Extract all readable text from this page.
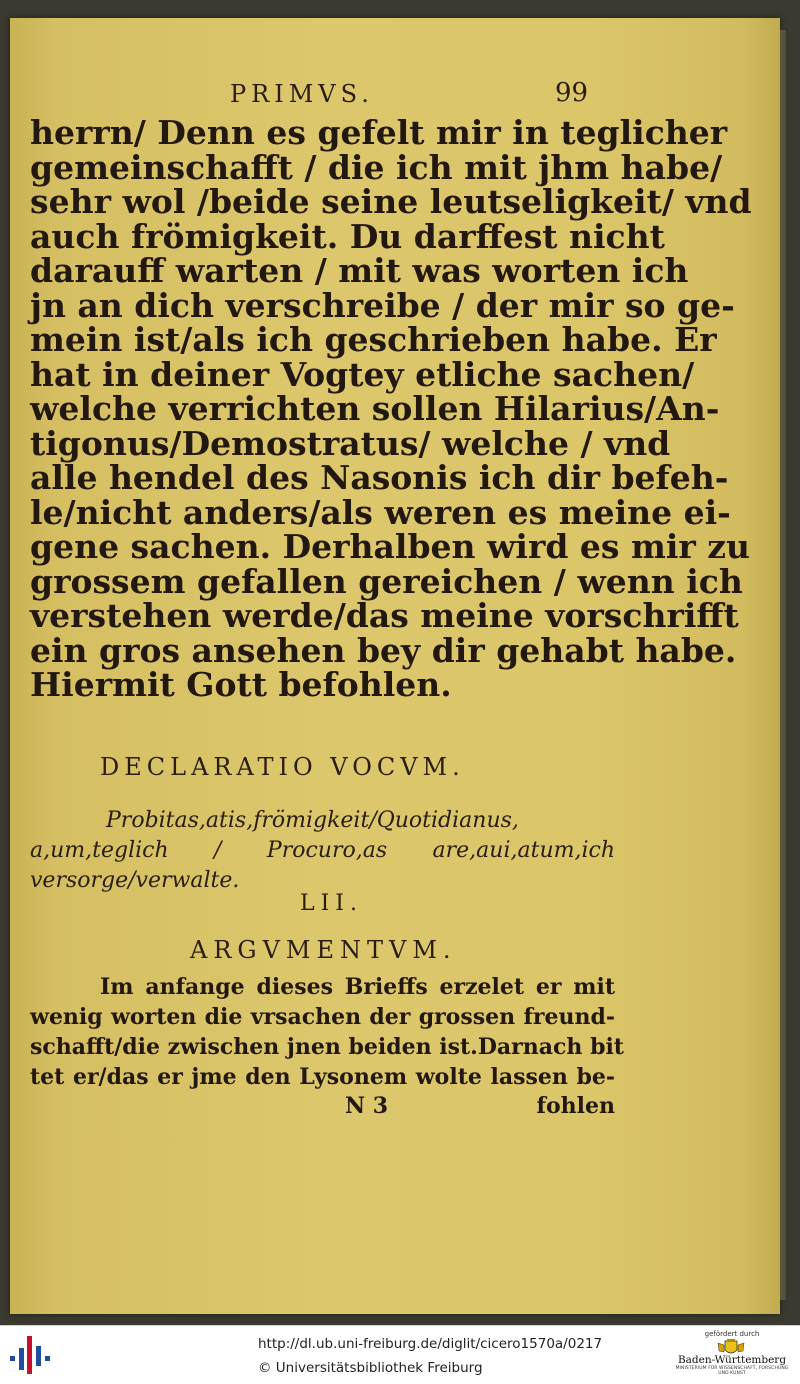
PRIMVS.	99
herrn/ Denn es gefelt mir in teglicher
gemeinschafft / die ich mit jhm habe/
sehr wol /beide seine leutseligkeit/ vnd
auch frömigkeit. Du darffest nicht
darauff warten / mit was worten ich
jn an dich verschreibe / der mir so ge-
mein ist/als ich geschrieben habe. Er
hat in deiner Vogtey etliche sachen/
welche verrichten sollen Hilarius/An-
tigonus/Demostratus/ welche / vnd
alle hendel des Nasonis ich dir befeh-
le/nicht anders/als weren es meine ei-
gene sachen. Derhalben wird es mir zu
grossem gefallen gereichen / wenn ich
verstehen werde/das meine vorschrifft
ein gros ansehen bey dir gehabt habe.
Hiermit Gott befohlen.
DECLARATIO VOCVM.
Probitas,atis,frömigkeit/Quotidianus,
a,um,teglich / Procuro,as are,aui,atum,ich
versorge/verwalte.
LII.
ARGVMENTVM.
Im anfange dieses Brieffs erzelet er mit
wenig worten die vrsachen der grossen freund-
schafft/die zwischen jnen beiden ist.Darnach bit
tet er/das er jme den Lysonem wolte lassen be-
N 3	fohlen
http://dl.ub.uni-freiburg.de/diglit/cicero1570a/0217
© Universitätsbibliothek Freiburg
gefördert durch
Baden-Württemberg
MINISTERIUM FÜR WISSENSCHAFT, FORSCHUNG UND KUNST
